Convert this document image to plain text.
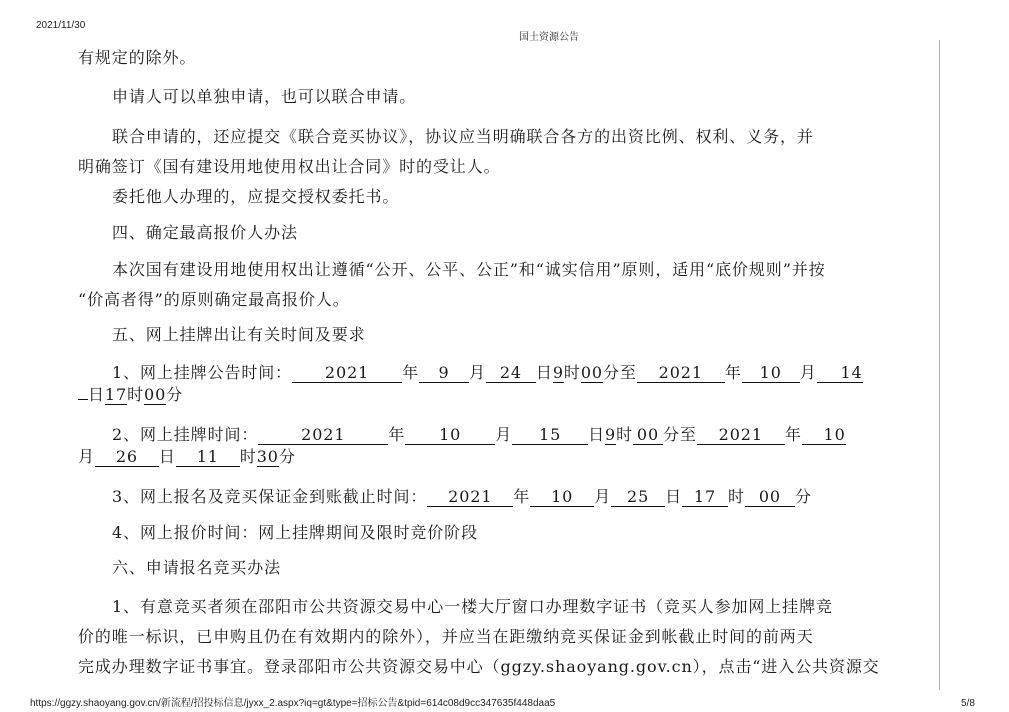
2021/11/30
国土资源公告

有规定的除外。

申请人可以单独申请，也可以联合申请。

联合申请的，还应提交《联合竞买协议》，协议应当明确联合各方的出资比例、权利、义务，并

明确签订《国有建设用地使用权出让合同》时的受让人。

委托他人办理的，应提交授权委托书。

四、确定最高报价人办法

本次国有建设用地使用权出让遵循“公开、公平、公正”和“诚实信用”原则，适用“底价规则”并按

“价高者得”的原则确定最高报价人。

五、网上挂牌出让有关时间及要求

1、网上挂牌公告时间： 2021 年 9 月 24 日9时00分至 2021 年 10 月 14

日17时00分

2、网上挂牌时间：	2021	年 10 月 15 日9时 00 分至 2021 年 10

月 26 日 11 时30分

3、网上报名及竞买保证金到账截止时间： 2021 年 10 月 25 日 17 时 00 分

4、网上报价时间：网上挂牌期间及限时竞价阶段

六、申请报名竞买办法

1、有意竞买者须在邵阳市公共资源交易中心一楼大厅窗口办理数字证书（竞买人参加网上挂牌竞

价的唯一标识，已申购且仍在有效期内的除外），并应当在距缴纳竞买保证金到帐截止时间的前两天

完成办理数字证书事宜。登录邵阳市公共资源交易中心（ggzy.shaoyang.gov.cn），点击“进入公共资源交

https://ggzy.shaoyang.gov.cn/新流程/招投标信息/jyxx_2.aspx?iq=gt&type=招标公告&tpid=614c08d9cc347635f448daa5	5/8
